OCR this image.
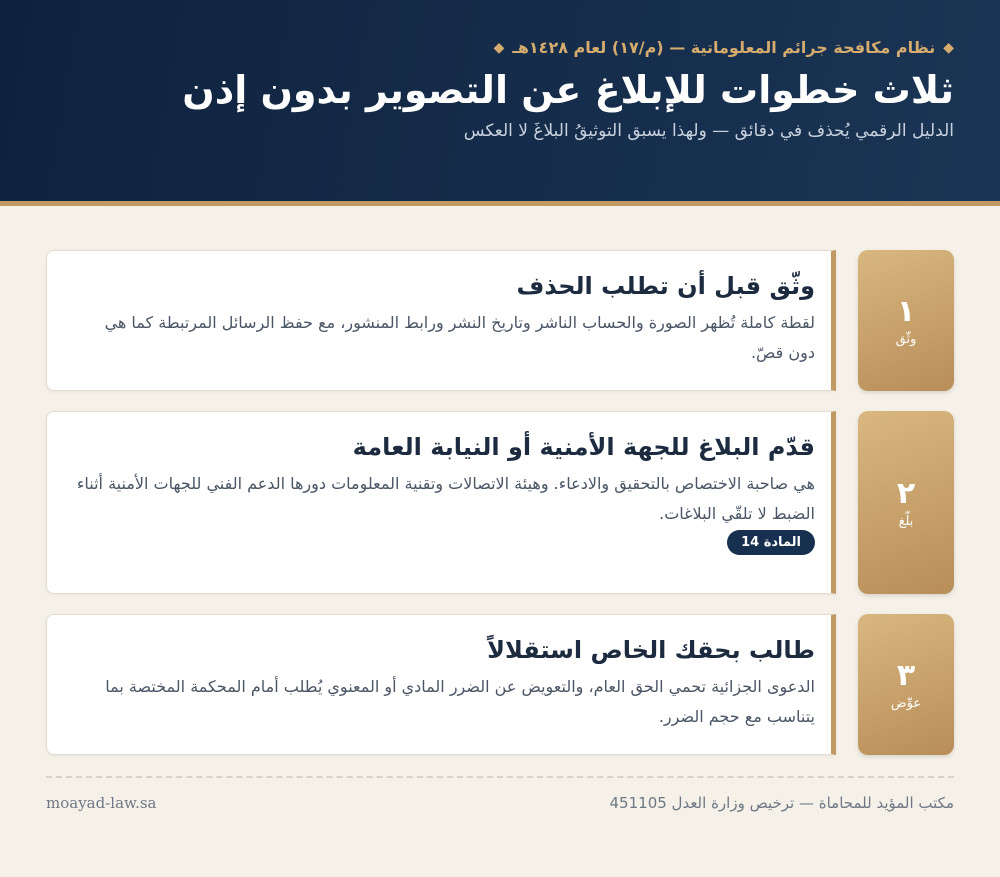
◆
نظام مكافحة جرائم المعلوماتية — (م/١٧) لعام ١٤٢٨هـ
◆
ثلاث خطوات للإبلاغ عن التصوير بدون إذن

الدليل الرقمي يُحذف في دقائق — ولهذا يسبق التوثيقُ البلاغَ لا العكس

١
وثّق
وثّق قبل أن تطلب الحذف

لقطة كاملة تُظهر الصورة والحساب الناشر وتاريخ النشر ورابط المنشور، مع حفظ الرسائل المرتبطة كما هي دون قصّ.

٢
بلّغ
قدّم البلاغ للجهة الأمنية أو النيابة العامة

هي صاحبة الاختصاص بالتحقيق والادعاء. وهيئة الاتصالات وتقنية المعلومات دورها الدعم الفني للجهات الأمنية أثناء الضبط لا تلقّي البلاغات.

المادة 14
٣
عوِّض
طالب بحقك الخاص استقلالاً

الدعوى الجزائية تحمي الحق العام، والتعويض عن الضرر المادي أو المعنوي يُطلب أمام المحكمة المختصة بما يتناسب مع حجم الضرر.

مكتب المؤيد للمحاماة — ترخيص وزارة العدل 451105
moayad-law.sa
